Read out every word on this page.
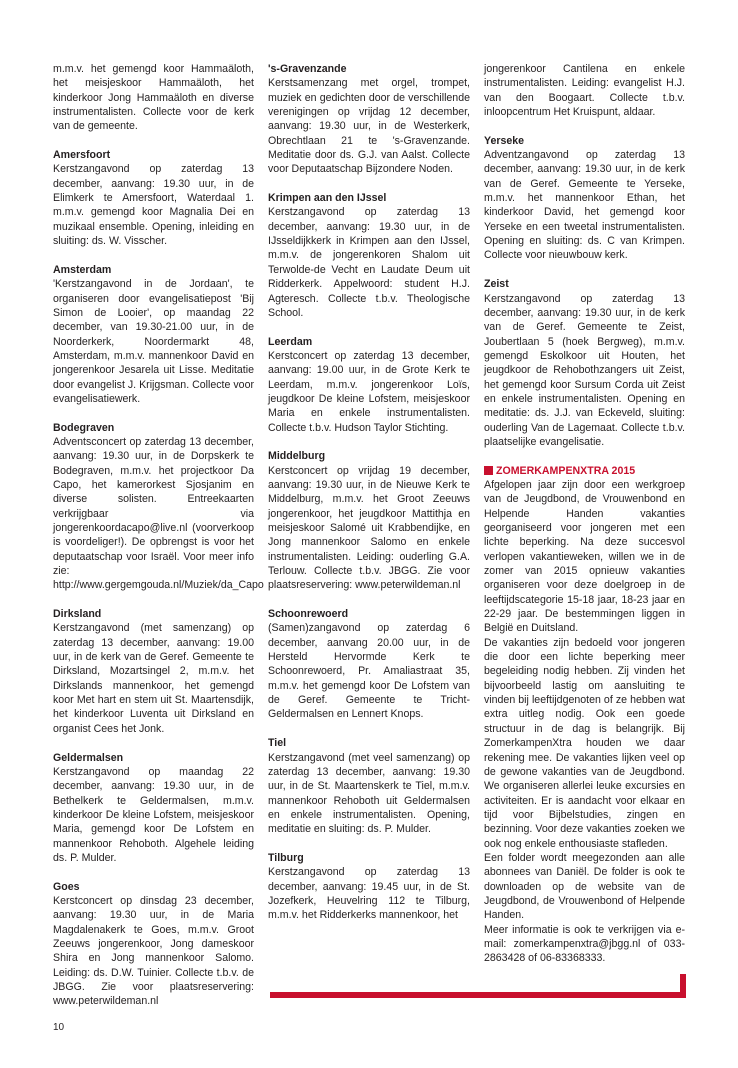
m.m.v. het gemengd koor Hammaäloth, het meisjeskoor Hammaäloth, het kinderkoor Jong Hammaäloth en diverse instrumentalisten. Collecte voor de kerk van de gemeente.

Amersfoort

Kerstzangavond op zaterdag 13 december, aanvang: 19.30 uur, in de Elimkerk te Amersfoort, Waterdaal 1. m.m.v. gemengd koor Magnalia Dei en muzikaal ensemble. Opening, inleiding en sluiting: ds. W. Visscher.

Amsterdam

'Kerstzangavond in de Jordaan', te organiseren door evangelisatiepost 'Bij Simon de Looier', op maandag 22 december, van 19.30-21.00 uur, in de Noorderkerk, Noordermarkt 48, Amsterdam, m.m.v. mannenkoor David en jongerenkoor Jesarela uit Lisse. Meditatie door evangelist J. Krijgsman. Collecte voor evangelisatiewerk.

Bodegraven

Adventsconcert op zaterdag 13 december, aanvang: 19.30 uur, in de Dorpskerk te Bodegraven, m.m.v. het projectkoor Da Capo, het kamerorkest Sjosjanim en diverse solisten. Entreekaarten verkrijgbaar via jongerenkoordacapo@live.nl (voorverkoop is voordeliger!). De opbrengst is voor het deputaatschap voor Israël. Voor meer info zie: http://www.gergemgouda.nl/Muziek/da_Capo

Dirksland

Kerstzangavond (met samenzang) op zaterdag 13 december, aanvang: 19.00 uur, in de kerk van de Geref. Gemeente te Dirksland, Mozartsingel 2, m.m.v. het Dirkslands mannenkoor, het gemengd koor Met hart en stem uit St. Maartensdijk, het kinderkoor Luventa uit Dirksland en organist Cees het Jonk.

Geldermalsen

Kerstzangavond op maandag 22 december, aanvang: 19.30 uur, in de Bethelkerk te Geldermalsen, m.m.v. kinderkoor De kleine Lofstem, meisjeskoor Maria, gemengd koor De Lofstem en mannenkoor Rehoboth. Algehele leiding ds. P. Mulder.

Goes

Kerstconcert op dinsdag 23 december, aanvang: 19.30 uur, in de Maria Magdalenakerk te Goes, m.m.v. Groot Zeeuws jongerenkoor, Jong dameskoor Shira en Jong mannenkoor Salomo. Leiding: ds. D.W. Tuinier. Collecte t.b.v. de JBGG. Zie voor plaatsreservering: www.peterwildeman.nl

's-Gravenzande

Kerstsamenzang met orgel, trompet, muziek en gedichten door de verschillende verenigingen op vrijdag 12 december, aanvang: 19.30 uur, in de Westerkerk, Obrechtlaan 21 te 's-Gravenzande. Meditatie door ds. G.J. van Aalst. Collecte voor Deputaatschap Bijzondere Noden.

Krimpen aan den IJssel

Kerstzangavond op zaterdag 13 december, aanvang: 19.30 uur, in de IJsseldijkkerk in Krimpen aan den IJssel, m.m.v. de jongerenkoren Shalom uit Terwolde-de Vecht en Laudate Deum uit Ridderkerk. Appelwoord: student H.J. Agteresch. Collecte t.b.v. Theologische School.

Leerdam

Kerstconcert op zaterdag 13 december, aanvang: 19.00 uur, in de Grote Kerk te Leerdam, m.m.v. jongerenkoor Loïs, jeugdkoor De kleine Lofstem, meisjeskoor Maria en enkele instrumentalisten. Collecte t.b.v. Hudson Taylor Stichting.

Middelburg

Kerstconcert op vrijdag 19 december, aanvang: 19.30 uur, in de Nieuwe Kerk te Middelburg, m.m.v. het Groot Zeeuws jongerenkoor, het jeugdkoor Mattithja en meisjeskoor Salomé uit Krabbendijke, en Jong mannenkoor Salomo en enkele instrumentalisten. Leiding: ouderling G.A. Terlouw. Collecte t.b.v. JBGG. Zie voor plaatsreservering: www.peterwildeman.nl

Schoonrewoerd

(Samen)zangavond op zaterdag 6 december, aanvang 20.00 uur, in de Hersteld Hervormde Kerk te Schoonrewoerd, Pr. Amaliastraat 35, m.m.v. het gemengd koor De Lofstem van de Geref. Gemeente te Tricht-Geldermalsen en Lennert Knops.

Tiel

Kerstzangavond (met veel samenzang) op zaterdag 13 december, aanvang: 19.30 uur, in de St. Maartenskerk te Tiel, m.m.v. mannenkoor Rehoboth uit Geldermalsen en enkele instrumentalisten. Opening, meditatie en sluiting: ds. P. Mulder.

Tilburg

Kerstzangavond op zaterdag 13 december, aanvang: 19.45 uur, in de St. Jozefkerk, Heuvelring 112 te Tilburg, m.m.v. het Ridderkerks mannenkoor, het

jongerenkoor Cantilena en enkele instrumentalisten. Leiding: evangelist H.J. van den Boogaart. Collecte t.b.v. inloopcentrum Het Kruispunt, aldaar.

Yerseke

Adventzangavond op zaterdag 13 december, aanvang: 19.30 uur, in de kerk van de Geref. Gemeente te Yerseke, m.m.v. het mannenkoor Ethan, het kinderkoor David, het gemengd koor Yerseke en een tweetal instrumentalisten. Opening en sluiting: ds. C van Krimpen. Collecte voor nieuwbouw kerk.

Zeist

Kerstzangavond op zaterdag 13 december, aanvang: 19.30 uur, in de kerk van de Geref. Gemeente te Zeist, Joubertlaan 5 (hoek Bergweg), m.m.v. gemengd Eskolkoor uit Houten, het jeugdkoor de Rehobothzangers uit Zeist, het gemengd koor Sursum Corda uit Zeist en enkele instrumentalisten. Opening en meditatie: ds. J.J. van Eckeveld, sluiting: ouderling Van de Lagemaat. Collecte t.b.v. plaatselijke evangelisatie.

ZOMERKAMPENXTRA 2015

Afgelopen jaar zijn door een werkgroep van de Jeugdbond, de Vrouwenbond en Helpende Handen vakanties georganiseerd voor jongeren met een lichte beperking. Na deze succesvol verlopen vakantieweken, willen we in de zomer van 2015 opnieuw vakanties organiseren voor deze doelgroep in de leeftijdscategorie 15-18 jaar, 18-23 jaar en 22-29 jaar. De bestemmingen liggen in België en Duitsland.

De vakanties zijn bedoeld voor jongeren die door een lichte beperking meer begeleiding nodig hebben. Zij vinden het bijvoorbeeld lastig om aansluiting te vinden bij leeftijdgenoten of ze hebben wat extra uitleg nodig. Ook een goede structuur in de dag is belangrijk. Bij ZomerkampenXtra houden we daar rekening mee. De vakanties lijken veel op de gewone vakanties van de Jeugdbond. We organiseren allerlei leuke excursies en activiteiten. Er is aandacht voor elkaar en tijd voor Bijbelstudies, zingen en bezinning. Voor deze vakanties zoeken we ook nog enkele enthousiaste stafleden.

Een folder wordt meegezonden aan alle abonnees van Daniël. De folder is ook te downloaden op de website van de Jeugdbond, de Vrouwenbond of Helpende Handen.

Meer informatie is ook te verkrijgen via e-mail: zomerkampenxtra@jbgg.nl of 033-2863428 of 06-83368333.

10
